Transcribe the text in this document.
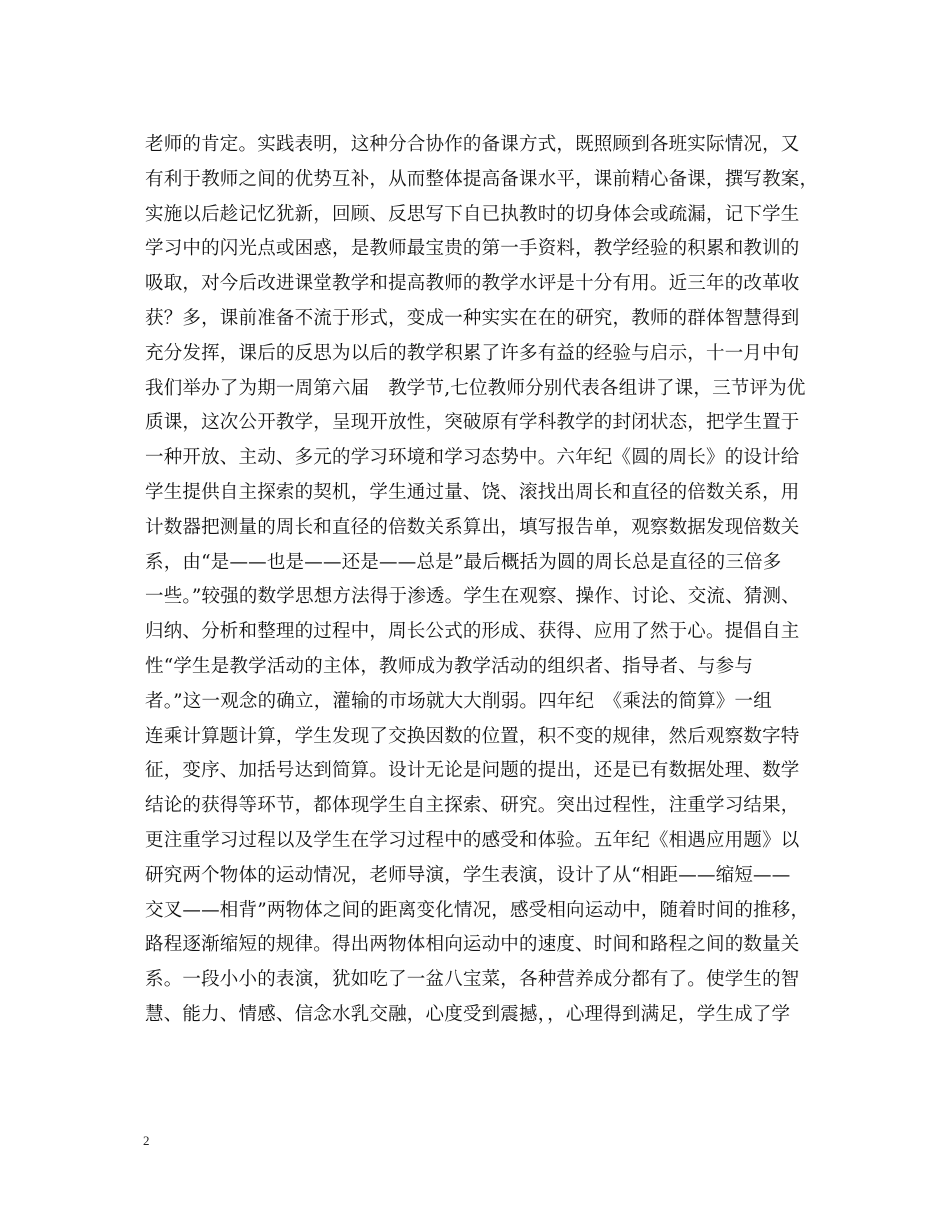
老师的肯定。实践表明，这种分合协作的备课方式，既照顾到各班实际情况，又
有利于教师之间的优势互补，从而整体提高备课水平，课前精心备课，撰写教案，
实施以后趁记忆犹新，回顾、反思写下自已执教时的切身体会或疏漏，记下学生
学习中的闪光点或困惑，是教师最宝贵的第一手资料，教学经验的积累和教训的
吸取，对今后改进课堂教学和提高教师的教学水评是十分有用。近三年的改革收
获？多，课前准备不流于形式，变成一种实实在在的研究，教师的群体智慧得到
充分发挥，课后的反思为以后的教学积累了许多有益的经验与启示，十一月中旬
我们举办了为期一周第六届　教学节,七位教师分别代表各组讲了课，三节评为优
质课，这次公开教学，呈现开放性，突破原有学科教学的封闭状态，把学生置于
一种开放、主动、多元的学习环境和学习态势中。六年纪《圆的周长》的设计给
学生提供自主探索的契机，学生通过量、饶、滚找出周长和直径的倍数关系，用
计数器把测量的周长和直径的倍数关系算出，填写报告单，观察数据发现倍数关
系，由“是——也是——还是——总是”最后概括为圆的周长总是直径的三倍多
一些。”较强的数学思想方法得于渗透。学生在观察、操作、讨论、交流、猜测、
归纳、分析和整理的过程中，周长公式的形成、获得、应用了然于心。提倡自主
性“学生是教学活动的主体，教师成为教学活动的组织者、指导者、与参与
者。”这一观念的确立，灌输的市场就大大削弱。四年纪　《乘法的简算》一组
连乘计算题计算，学生发现了交换因数的位置，积不变的规律，然后观察数字特
征，变序、加括号达到简算。设计无论是问题的提出，还是已有数据处理、数学
结论的获得等环节，都体现学生自主探索、研究。突出过程性，注重学习结果，
更注重学习过程以及学生在学习过程中的感受和体验。五年纪《相遇应用题》以
研究两个物体的运动情况，老师导演，学生表演，设计了从“相距——缩短——
交叉——相背”两物体之间的距离变化情况，感受相向运动中，随着时间的推移，
路程逐渐缩短的规律。得出两物体相向运动中的速度、时间和路程之间的数量关
系。一段小小的表演，犹如吃了一盆八宝菜，各种营养成分都有了。使学生的智
慧、能力、情感、信念水乳交融，心度受到震撼，，心理得到满足，学生成了学
2
